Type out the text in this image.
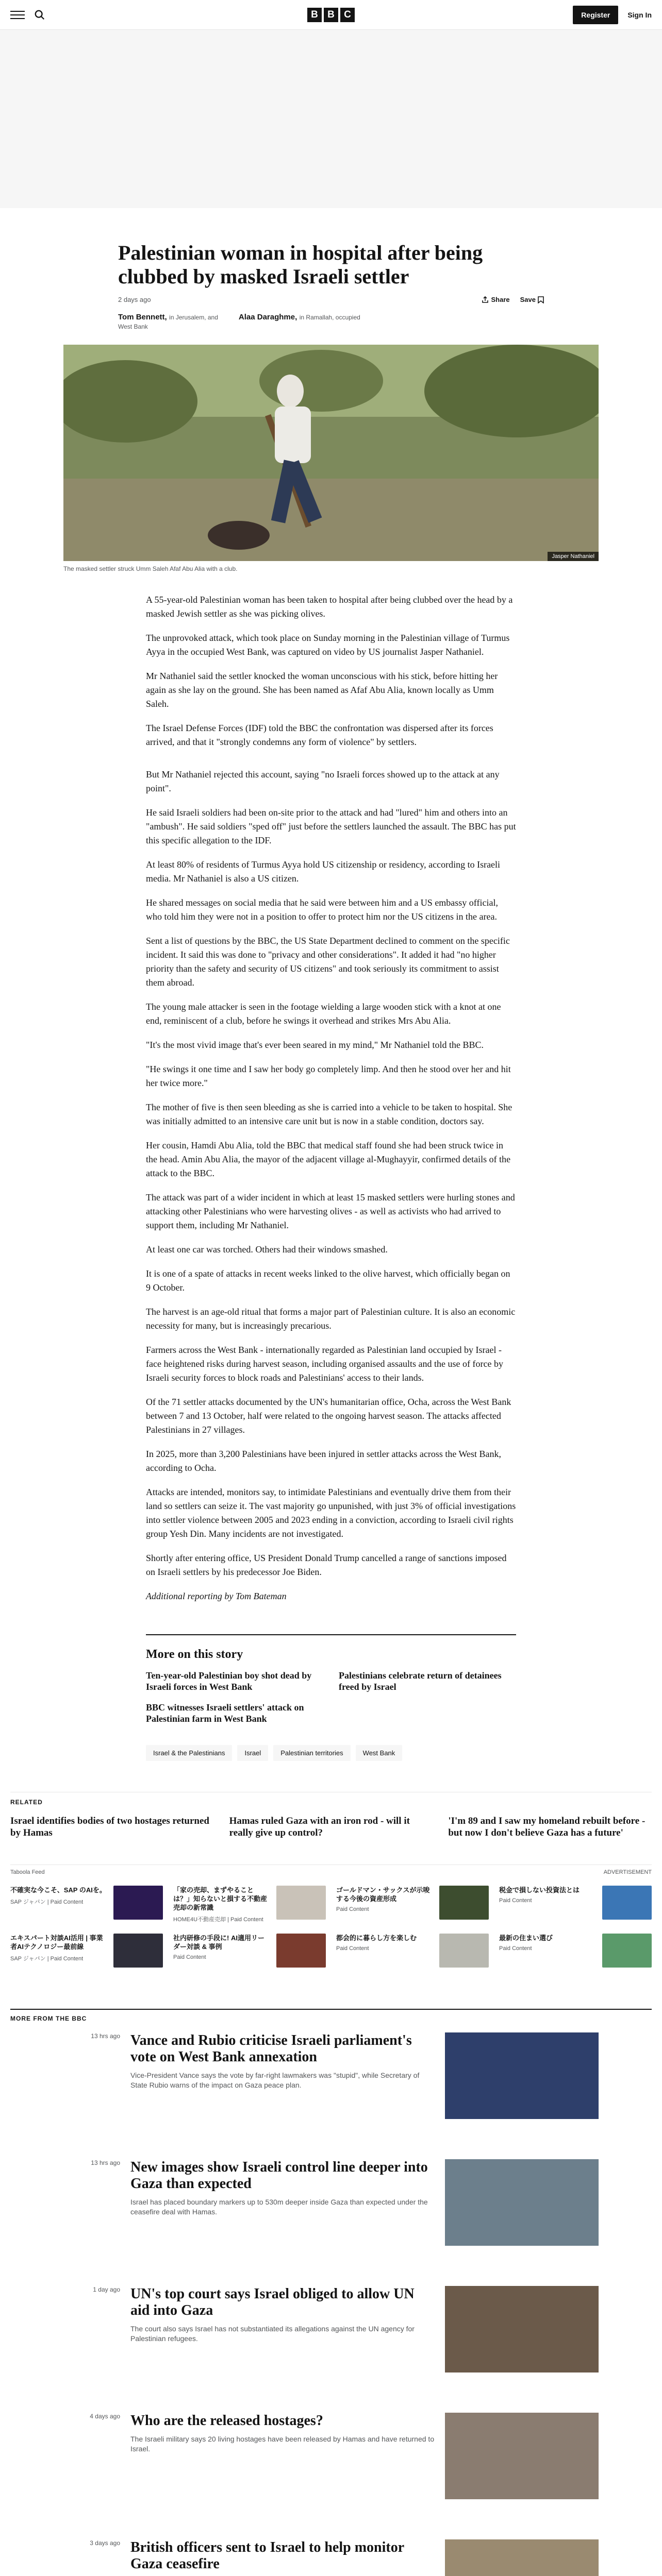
B B C	Register	Sign In
Palestinian woman in hospital after being clubbed by masked Israeli settler
2 days ago	Share Save
Tom Bennett, in Jerusalem, and	Alaa Daraghme, in Ramallah, occupied
West Bank
Jasper Nathaniel
The masked settler struck Umm Saleh Afaf Abu Alia with a club.

A 55-year-old Palestinian woman has been taken to hospital after being clubbed over the head by a masked Jewish settler as she was picking olives.

The unprovoked attack, which took place on Sunday morning in the Palestinian village of Turmus Ayya in the occupied West Bank, was captured on video by US journalist Jasper Nathaniel.

Mr Nathaniel said the settler knocked the woman unconscious with his stick, before hitting her again as she lay on the ground. She has been named as Afaf Abu Alia, known locally as Umm Saleh.

The Israel Defense Forces (IDF) told the BBC the confrontation was dispersed after its forces arrived, and that it "strongly condemns any form of violence" by settlers.

But Mr Nathaniel rejected this account, saying "no Israeli forces showed up to the attack at any point".

He said Israeli soldiers had been on-site prior to the attack and had "lured" him and others into an "ambush". He said soldiers "sped off" just before the settlers launched the assault. The BBC has put this specific allegation to the IDF.

At least 80% of residents of Turmus Ayya hold US citizenship or residency, according to Israeli media. Mr Nathaniel is also a US citizen.

He shared messages on social media that he said were between him and a US embassy official, who told him they were not in a position to offer to protect him nor the US citizens in the area.

Sent a list of questions by the BBC, the US State Department declined to comment on the specific incident. It said this was done to "privacy and other considerations". It added it had "no higher priority than the safety and security of US citizens" and took seriously its commitment to assist them abroad.

The young male attacker is seen in the footage wielding a large wooden stick with a knot at one end, reminiscent of a club, before he swings it overhead and strikes Mrs Abu Alia.

"It's the most vivid image that's ever been seared in my mind," Mr Nathaniel told the BBC.

"He swings it one time and I saw her body go completely limp. And then he stood over her and hit her twice more."

The mother of five is then seen bleeding as she is carried into a vehicle to be taken to hospital. She was initially admitted to an intensive care unit but is now in a stable condition, doctors say.

Her cousin, Hamdi Abu Alia, told the BBC that medical staff found she had been struck twice in the head. Amin Abu Alia, the mayor of the adjacent village al-Mughayyir, confirmed details of the attack to the BBC.

The attack was part of a wider incident in which at least 15 masked settlers were hurling stones and attacking other Palestinians who were harvesting olives - as well as activists who had arrived to support them, including Mr Nathaniel.

At least one car was torched. Others had their windows smashed.

It is one of a spate of attacks in recent weeks linked to the olive harvest, which officially began on 9 October.

The harvest is an age-old ritual that forms a major part of Palestinian culture. It is also an economic necessity for many, but is increasingly precarious.

Farmers across the West Bank - internationally regarded as Palestinian land occupied by Israel - face heightened risks during harvest season, including organised assaults and the use of force by Israeli security forces to block roads and Palestinians' access to their lands.

Of the 71 settler attacks documented by the UN's humanitarian office, Ocha, across the West Bank between 7 and 13 October, half were related to the ongoing harvest season. The attacks affected Palestinians in 27 villages.

In 2025, more than 3,200 Palestinians have been injured in settler attacks across the West Bank, according to Ocha.

Attacks are intended, monitors say, to intimidate Palestinians and eventually drive them from their land so settlers can seize it. The vast majority go unpunished, with just 3% of official investigations into settler violence between 2005 and 2023 ending in a conviction, according to Israeli civil rights group Yesh Din. Many incidents are not investigated.

Shortly after entering office, US President Donald Trump cancelled a range of sanctions imposed on Israeli settlers by his predecessor Joe Biden.

Additional reporting by Tom Bateman

More on this story
Ten-year-old Palestinian boy shot dead by Israeli forces in West Bank
Palestinians celebrate return of detainees freed by Israel
BBC witnesses Israeli settlers' attack on Palestinian farm in West Bank
Israel & the Palestinians	Israel	Palestinian territories	West Bank
RELATED
Israel identifies bodies of two hostages returned by Hamas
Hamas ruled Gaza with an iron rod - will it really give up control?
'I'm 89 and I saw my homeland rebuilt before - but now I don't believe Gaza has a future'
Taboola Feed	ADVERTISEMENT
不確実な今こそ、SAP のAIを。
SAP ジャパン | Paid Content
「家の売却、まずやることは？」知らないと損する不動産売却の新常識
HOME4U不動産売却 | Paid Content
ゴールドマン・サックスが示唆する今後の資産形成
Paid Content
税金で損しない投資法とは
Paid Content
エキスパート対談AI活用 | 事業者AIテクノロジー最前線
SAP ジャパン | Paid Content
社内研修の手段に! AI適用リーダー対談 & 事例
Paid Content
都会的に暮らし方を楽しむ
Paid Content
最新の住まい選び
Paid Content
MORE FROM THE BBC
13 hrs ago Vance and Rubio criticise Israeli parliament's vote on West Bank annexation
Vice-President Vance says the vote by far-right lawmakers was "stupid", while Secretary of State Rubio warns of the impact on Gaza peace plan.
13 hrs ago New images show Israeli control line deeper into Gaza than expected
Israel has placed boundary markers up to 530m deeper inside Gaza than expected under the ceasefire deal with Hamas.
1 day ago UN's top court says Israel obliged to allow UN aid into Gaza
The court also says Israel has not substantiated its allegations against the UN agency for Palestinian refugees.
4 days ago Who are the released hostages?
The Israeli military says 20 living hostages have been released by Hamas and have returned to Israel.
3 days ago British officers sent to Israel to help monitor Gaza ceasefire
